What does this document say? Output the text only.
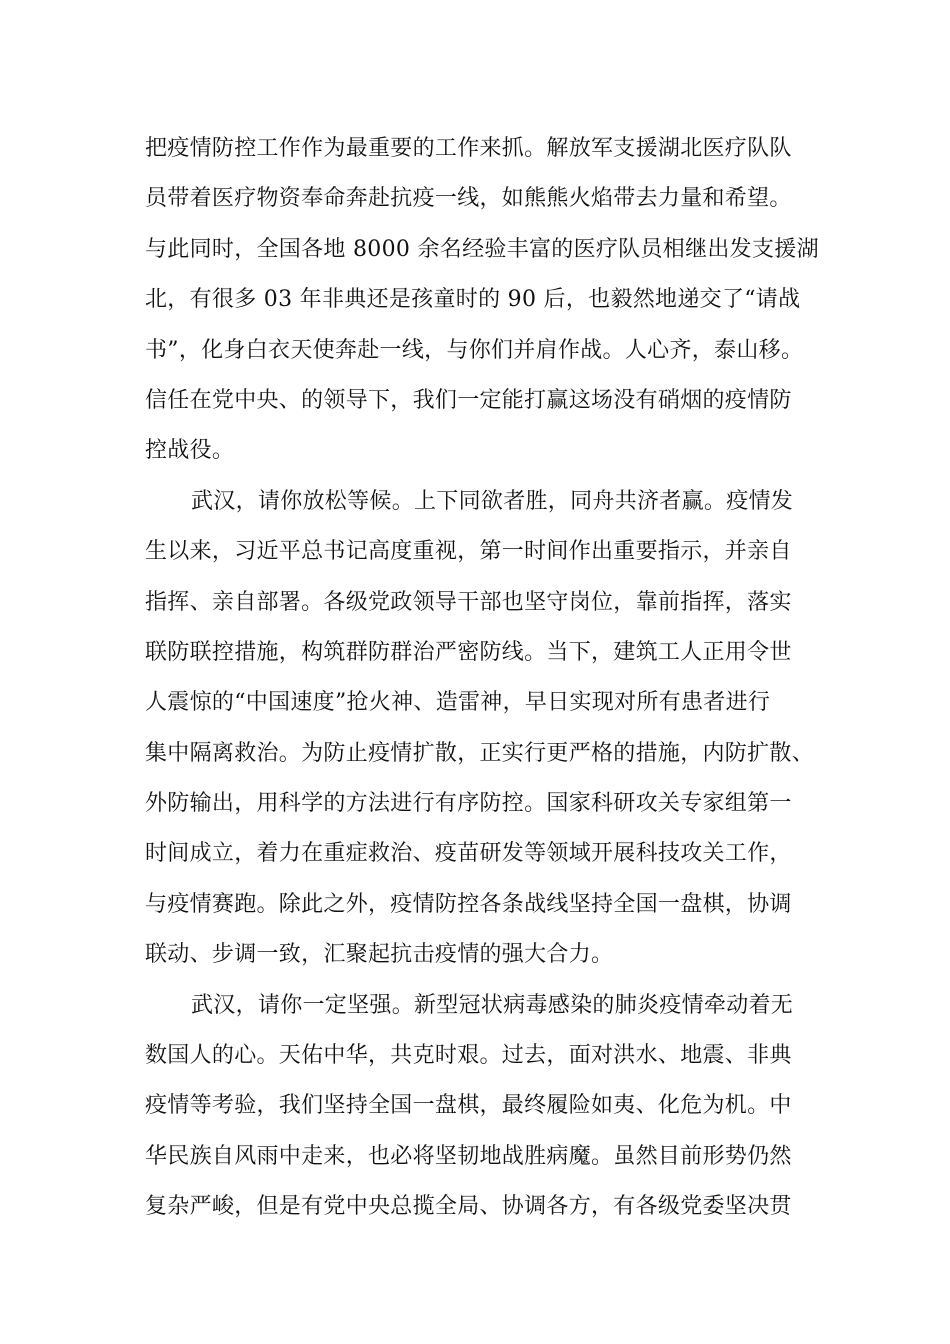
把疫情防控工作作为最重要的工作来抓。解放军支援湖北医疗队队
员带着医疗物资奉命奔赴抗疫一线，如熊熊火焰带去力量和希望。
与此同时，全国各地 8000 余名经验丰富的医疗队员相继出发支援湖
北，有很多 03 年非典还是孩童时的 90 后，也毅然地递交了“请战
书”，化身白衣天使奔赴一线，与你们并肩作战。人心齐，泰山移。
信任在党中央、的领导下，我们一定能打赢这场没有硝烟的疫情防
控战役。
武汉，请你放松等候。上下同欲者胜，同舟共济者赢。疫情发
生以来，习近平总书记高度重视，第一时间作出重要指示，并亲自
指挥、亲自部署。各级党政领导干部也坚守岗位，靠前指挥，落实
联防联控措施，构筑群防群治严密防线。当下，建筑工人正用令世
人震惊的“中国速度”抢火神、造雷神，早日实现对所有患者进行
集中隔离救治。为防止疫情扩散，正实行更严格的措施，内防扩散、
外防输出，用科学的方法进行有序防控。国家科研攻关专家组第一
时间成立，着力在重症救治、疫苗研发等领域开展科技攻关工作，
与疫情赛跑。除此之外，疫情防控各条战线坚持全国一盘棋，协调
联动、步调一致，汇聚起抗击疫情的强大合力。
武汉，请你一定坚强。新型冠状病毒感染的肺炎疫情牵动着无
数国人的心。天佑中华，共克时艰。过去，面对洪水、地震、非典
疫情等考验，我们坚持全国一盘棋，最终履险如夷、化危为机。中
华民族自风雨中走来，也必将坚韧地战胜病魔。虽然目前形势仍然
复杂严峻，但是有党中央总揽全局、协调各方，有各级党委坚决贯
